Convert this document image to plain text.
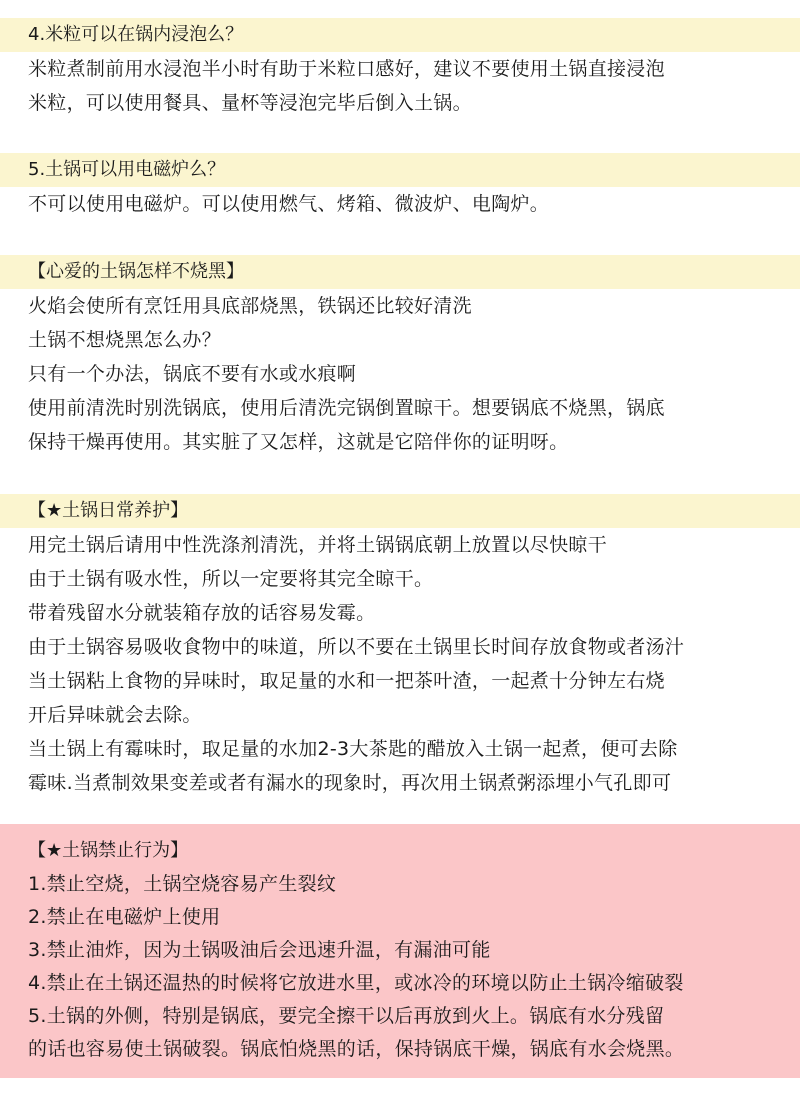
4.米粒可以在锅内浸泡么？
米粒煮制前用水浸泡半小时有助于米粒口感好，建议不要使用土锅直接浸泡
米粒，可以使用餐具、量杯等浸泡完毕后倒入土锅。
5.土锅可以用电磁炉么？
不可以使用电磁炉。可以使用燃气、烤箱、微波炉、电陶炉。
【心爱的土锅怎样不烧黑】
火焰会使所有烹饪用具底部烧黑，铁锅还比较好清洗
土锅不想烧黑怎么办？
只有一个办法，锅底不要有水或水痕啊
使用前清洗时别洗锅底，使用后清洗完锅倒置晾干。想要锅底不烧黑，锅底
保持干燥再使用。其实脏了又怎样，这就是它陪伴你的证明呀。
【★土锅日常养护】
用完土锅后请用中性洗涤剂清洗，并将土锅锅底朝上放置以尽快晾干
由于土锅有吸水性，所以一定要将其完全晾干。
带着残留水分就装箱存放的话容易发霉。
由于土锅容易吸收食物中的味道，所以不要在土锅里长时间存放食物或者汤汁
当土锅粘上食物的异味时，取足量的水和一把茶叶渣，一起煮十分钟左右烧
开后异味就会去除。
当土锅上有霉味时，取足量的水加2-3大茶匙的醋放入土锅一起煮，便可去除
霉味.当煮制效果变差或者有漏水的现象时，再次用土锅煮粥添埋小气孔即可
【★土锅禁止行为】
1.禁止空烧，土锅空烧容易产生裂纹
2.禁止在电磁炉上使用
3.禁止油炸，因为土锅吸油后会迅速升温，有漏油可能
4.禁止在土锅还温热的时候将它放进水里，或冰冷的环境以防止土锅冷缩破裂
5.土锅的外侧，特别是锅底，要完全擦干以后再放到火上。锅底有水分残留
的话也容易使土锅破裂。锅底怕烧黑的话，保持锅底干燥，锅底有水会烧黑。
